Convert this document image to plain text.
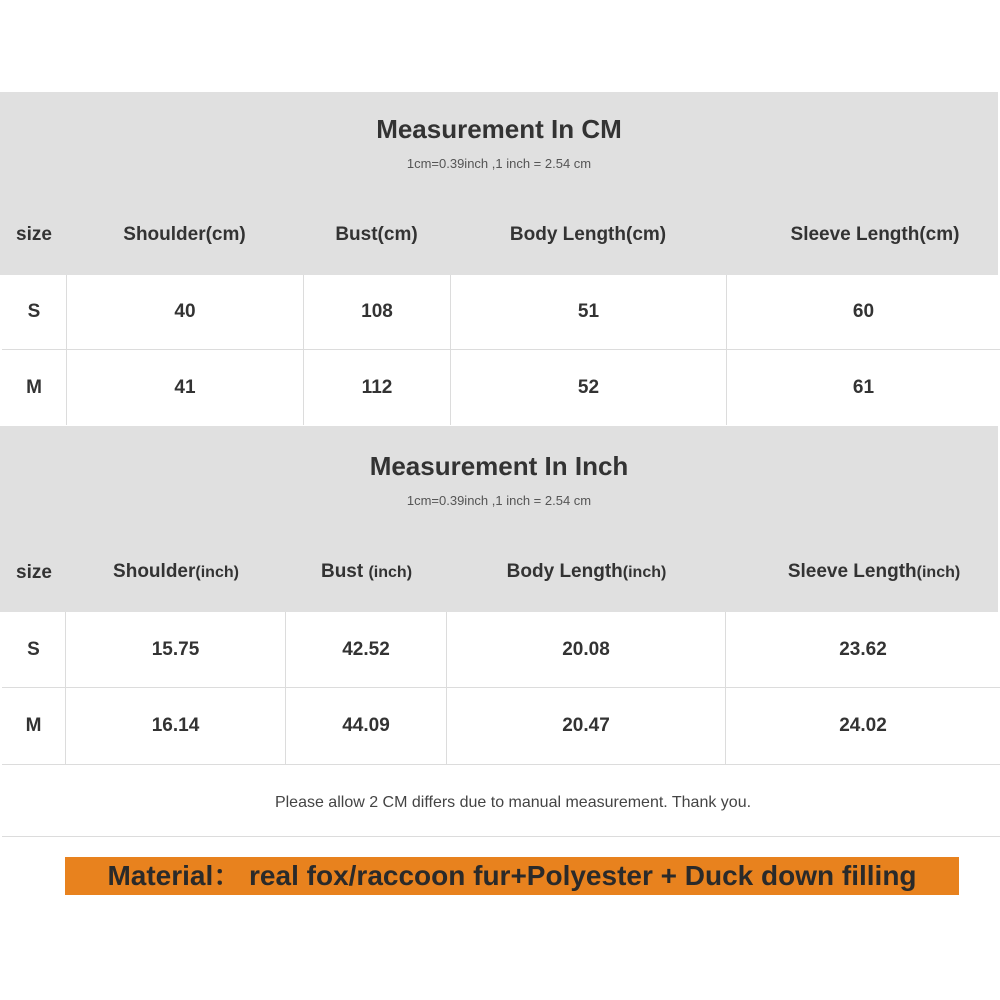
Measurement In CM
1cm=0.39inch ,1 inch = 2.54 cm
size	Shoulder(cm)	Bust(cm)	Body Length(cm)	Sleeve Length(cm)
S	40	108	51	60
M	41	112	52	61
Measurement In Inch
1cm=0.39inch ,1 inch = 2.54 cm
size	Shoulder(inch)	Bust (inch)	Body Length(inch)	Sleeve Length(inch)
S	15.75	42.52	20.08	23.62
M	16.14	44.09	20.47	24.02
Please allow 2 CM differs due to manual measurement. Thank you.
Material： real fox/raccoon fur+Polyester + Duck down filling
